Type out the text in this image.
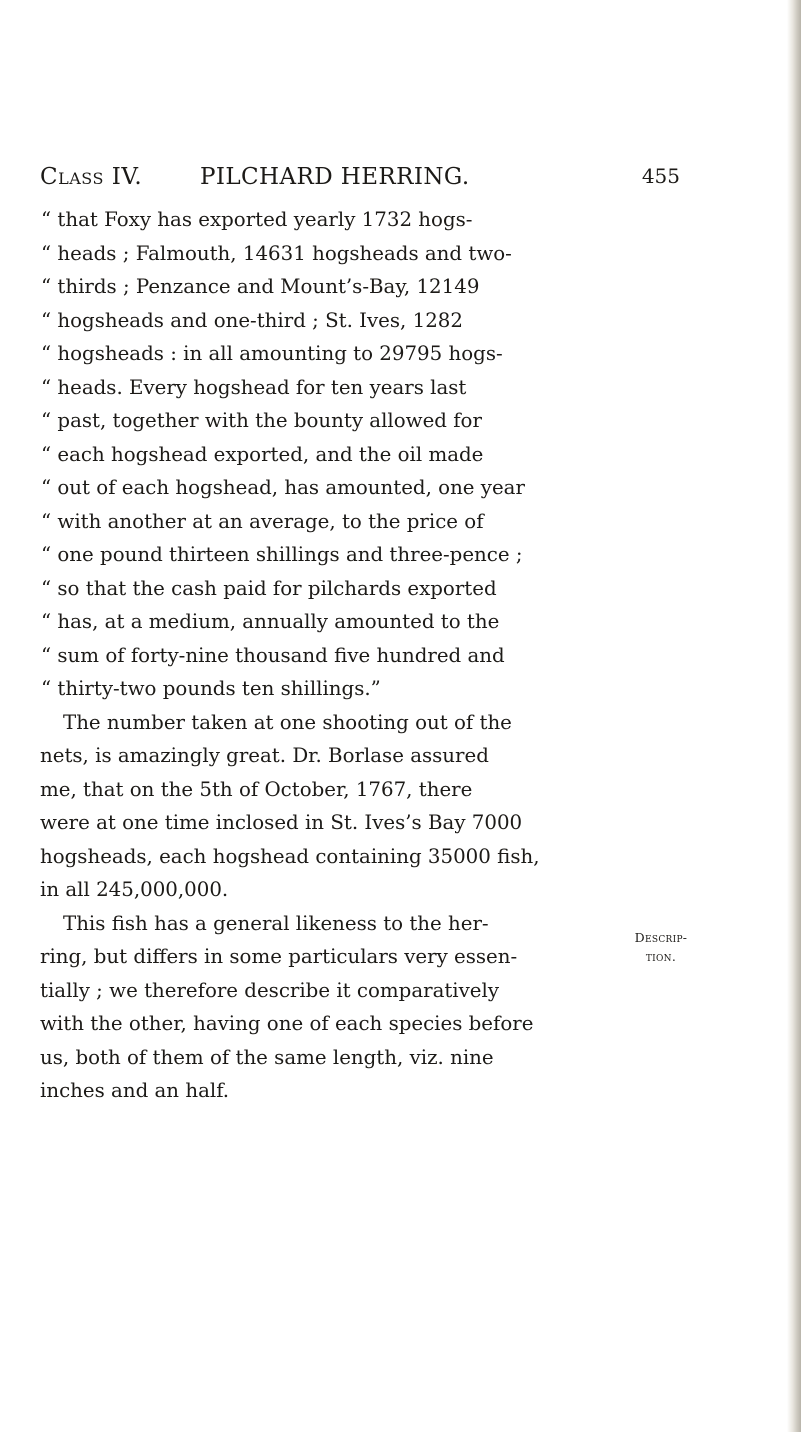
Class IV.	PILCHARD HERRING.	455
“ that Foxy has exported yearly 1732 hogs-
“ heads ; Falmouth, 14631 hogsheads and two-
“ thirds ; Penzance and Mount’s-Bay, 12149
“ hogsheads and one-third ; St. Ives, 1282
“ hogsheads : in all amounting to 29795 hogs-
“ heads. Every hogshead for ten years last
“ past, together with the bounty allowed for
“ each hogshead exported, and the oil made
“ out of each hogshead, has amounted, one year
“ with another at an average, to the price of
“ one pound thirteen shillings and three-pence ;
“ so that the cash paid for pilchards exported
“ has, at a medium, annually amounted to the
“ sum of forty-nine thousand five hundred and
“ thirty-two pounds ten shillings.”
The number taken at one shooting out of the
nets, is amazingly great. Dr. Borlase assured
me, that on the 5th of October, 1767, there
were at one time inclosed in St. Ives’s Bay 7000
hogsheads, each hogshead containing 35000 fish,
in all 245,000,000.
This fish has a general likeness to the her-
ring, but differs in some particulars very essen-
tially ; we therefore describe it comparatively
with the other, having one of each species before
us, both of them of the same length, viz. nine
inches and an half.
Descrip-
tion.
